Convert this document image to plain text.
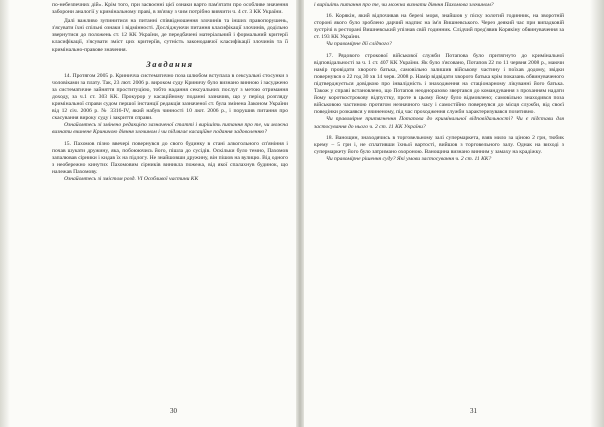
по-небезпечних дій». Крім того, при засвоєнні цієї ознаки варто пам'ятати про особливе значення заборони аналогії у кримінальному праві, в зв'язку з чим потрібно вивчити ч. 4 ст. 3 КК України.

Далі важливо зупинитися на питанні співвідношення злочинів та інших правопорушень, з'ясувати їхні спільні ознаки і відмінності. Досліджуючи питання класифікації злочинів, додільно звернутися до положень ст. 12 КК України, де передбачені матеріальний і формальний критерії класифікації, з'ясувати зміст цих критеріїв, сутність законодавчої класифікації злочинів та її кримінально-правове значення.

Завдання

14. Протягом 2005 р. Криничча систематично поза шлюбом вступала в сексуальні стосунки з чоловіками за плату. Так, 23 лют. 2006 р. вироком суду Криничу було визнано винною і засуджено за систематичне зайняття проституцією, тобто надання сексуальних послуг з метою отримання доходу, за ч.1 ст. 303 КК. Прокурор у касаційному поданні зазначив, що у період розгляду кримінальної справи судом першої інстанції редакція зазначеної ст. була змінена Законом України від 12 січ. 2006 р. № 3316-IV, який набув чинності 10 лют. 2006 р., і порушив питання про скасування вироку суду і закриття справи.

Ознайомтесь зі змінено редакцією зазначеної статті і вирішіть питання про те, чи можна визнати вчинене Криничою діяння злочином і чи підлягає касаційне подання задоволенню?

15. Пахомов пізно ввечері повернувся до свого будинку в стані алкогольного сп'яніння і почав шукати дружину, яка, побоюючись його, пішла до сусідів. Оскільки було темно, Пахомов запалював сірники і кидав їх на підлогу. Не знайшовши дружину, він пішов на вулицю. Від одного з необережно кинутих Пахомовим сірників виникла пожежа, від якої спалахнув будинок, що належав Пахомову.

Ознайомтесь зі змістом розд. VI Особливої частини КК

30

і вирішіть питання про те, чи можна визнати діяння Пахомова злочином?

16. Корякін, який відпочивав на березі моря, знайшов у піску золотий годинник, на зворотній стороні якого було зроблено дарчий надпис на ім'я Вишневського. Через деякий час при випадковій зустрічі в ресторані Вишневський упізнав свій годинник. Слідчий пред'явив Корякіну обвинувачення за ст. 193 КК України.

Чи правомірне дії слідчого?

17. Рядового строкової військової служби Потапова було притягнуто до кримінальної відповідальності за ч. 1 ст. 407 КК України. Як було з'ясовано, Потапов 22 по 11 червня 2008 р., маючи намір провідати хворого батька, самовільно залишив військову частину і поїхав додому, звідки повернувся о 22 год 30 хв 14 черв. 2008 р. Намір відвідати хворого батька крім показань обвинуваченого підтверджується довідкою про інвалідність і знаходження на стаціонарному лікуванні його батька. Також у справі встановлено, що Потапов неодноразово звертався до командування з проханням надати йому короткострокову відпустку, проте в цьому йому було відмовлено; самовільно знаходився поза військовою частиною протягом незначного часу і самостійно повернувся до місця служби, від своєї поведінки розкаявся у вчиненому, під час проходження служби характеризувався позитивно.

Чи правомірне притягнення Потапова до кримінальної відповідальності? Чи є підстави для застосування до нього ч. 2 ст. 11 КК України?

18. Ванощин, знаходячись в торговельному залі супермаркета, взяв мило за ціною 2 грн, тюбик крему – 5 грн і, не сплативши їхньої вартості, вийшов з торговельного залу. Однак на виході з супермаркету його було затримано охороною. Ванощина визнано винним у замаху на крадіжку.

Чи правомірне рішення суду? Які умови застосування ч. 2 ст. 11 КК?

31
